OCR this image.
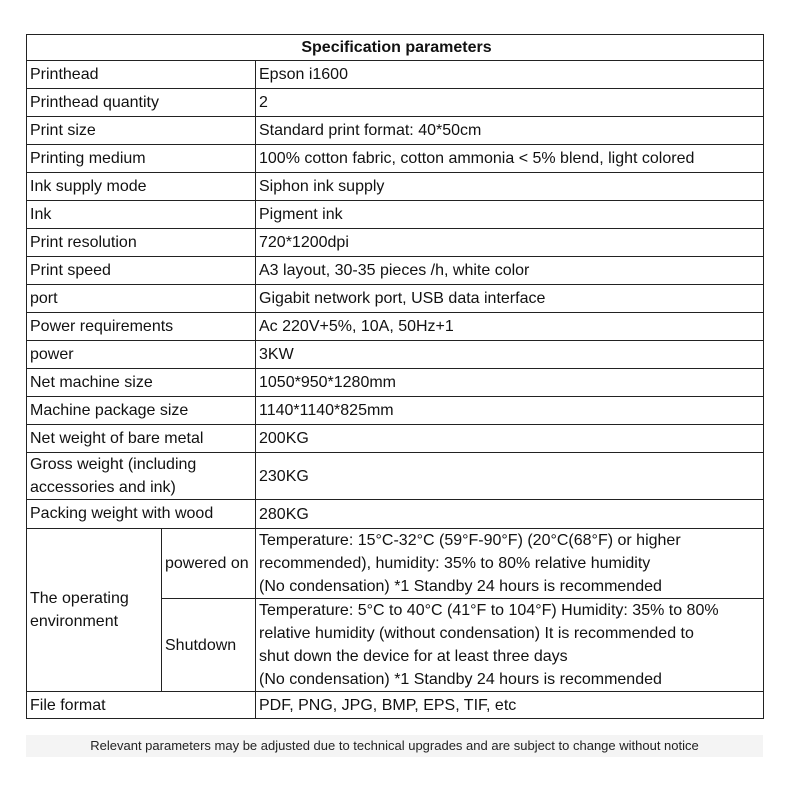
Specification parameters		
Printhead		Epson i1600
Printhead quantity		2
Print size		Standard print format: 40*50cm
Printing medium		100% cotton fabric, cotton ammonia < 5% blend, light colored
Ink supply mode		Siphon ink supply
Ink		Pigment ink
Print resolution		720*1200dpi
Print speed		A3 layout, 30-35 pieces /h, white color
port		Gigabit network port, USB data interface
Power requirements		Ac 220V+5%, 10A, 50Hz+1
power		3KW
Net machine size		1050*950*1280mm
Machine package size		1140*1140*825mm
Net weight of bare metal		200KG
Gross weight (including accessories and ink)		230KG

Packing weight with wood		280KG
The operating environment	powered on	Temperature: 15°C-32°C (59°F-90°F) (20°C(68°F) or higher
recommended), humidity: 35% to 80% relative humidity
(No condensation) *1 Standby 24 hours is recommended

	Shutdown	Temperature: 5°C to 40°C (41°F to 104°F) Humidity: 35% to 80%
relative humidity (without condensation) It is recommended to
shut down the device for at least three days
(No condensation) *1 Standby 24 hours is recommended

File format		PDF, PNG, JPG, BMP, EPS, TIF, etc
Relevant parameters may be adjusted due to technical upgrades and are subject to change without notice
